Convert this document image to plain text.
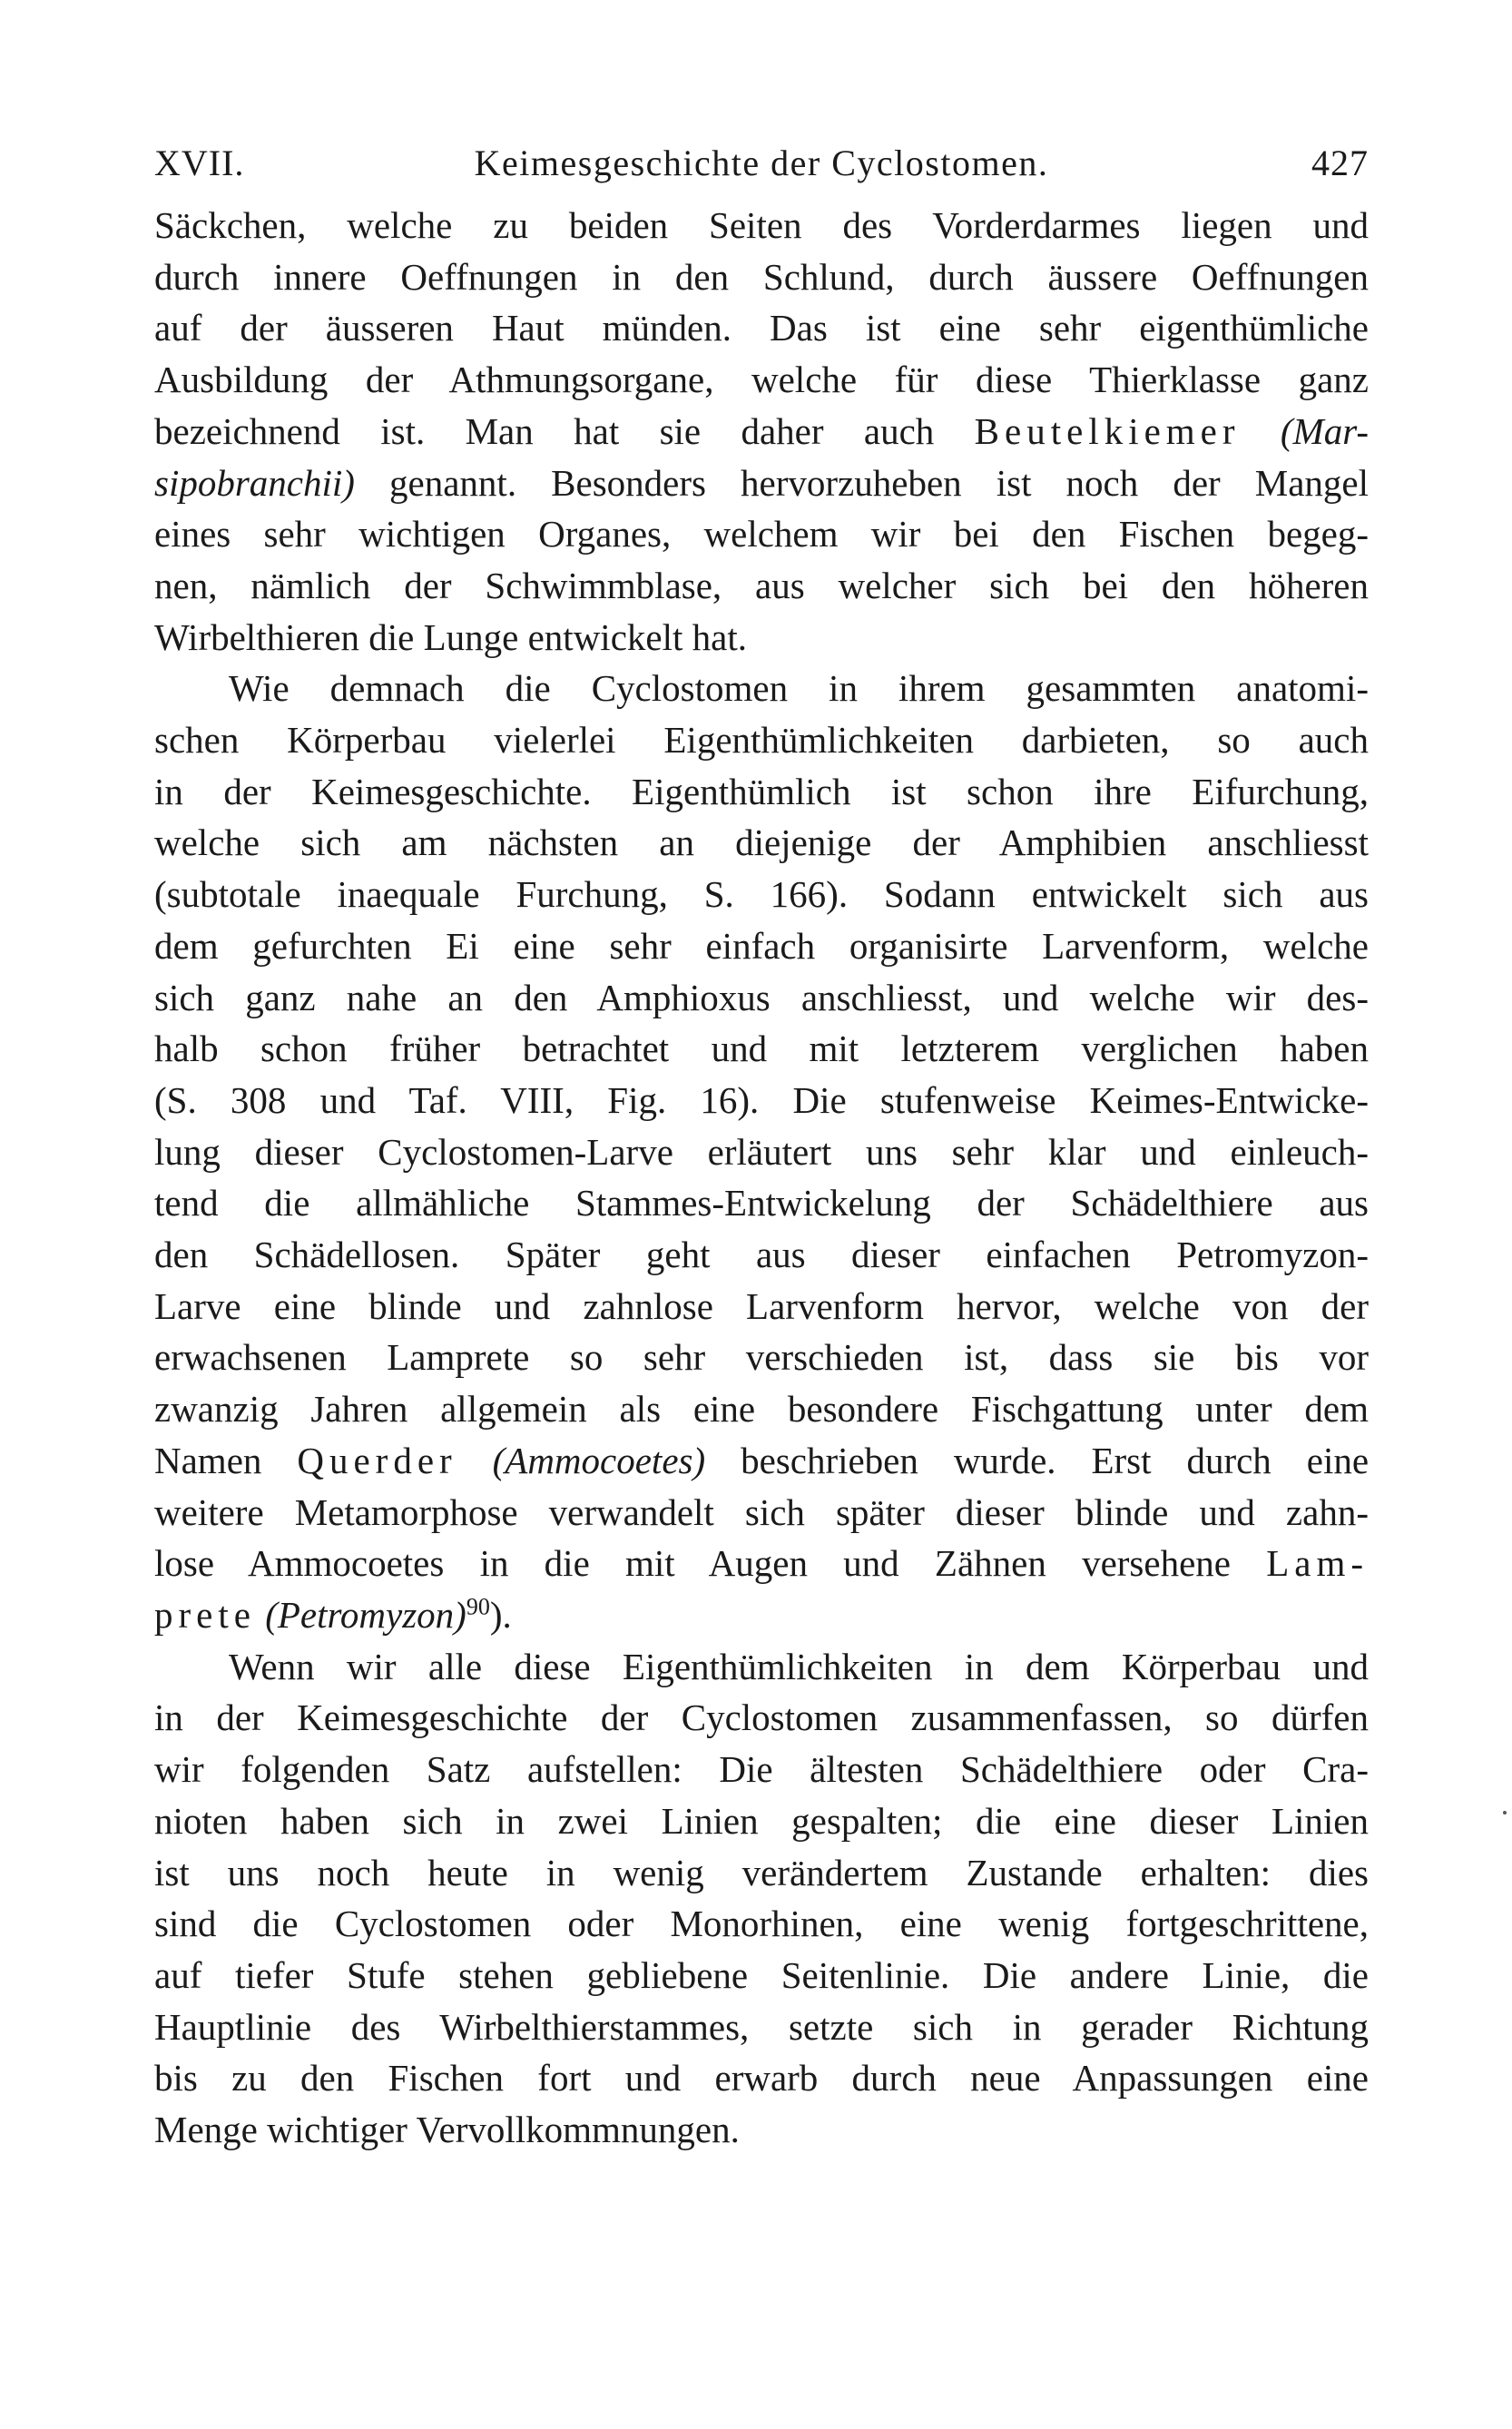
XVII.	Keimesgeschichte der Cyclostomen.	427

Säckchen, welche zu beiden Seiten des Vorderdarmes liegen und
durch innere Oeffnungen in den Schlund, durch äussere Oeffnungen
auf der äusseren Haut münden. Das ist eine sehr eigenthümliche
Ausbildung der Athmungsorgane, welche für diese Thierklasse ganz
bezeichnend ist. Man hat sie daher auch Beutelkiemer (Mar-
sipobranchii) genannt. Besonders hervorzuheben ist noch der Mangel
eines sehr wichtigen Organes, welchem wir bei den Fischen begeg-
nen, nämlich der Schwimmblase, aus welcher sich bei den höheren
Wirbelthieren die Lunge entwickelt hat.

Wie demnach die Cyclostomen in ihrem gesammten anatomi-
schen Körperbau vielerlei Eigenthümlichkeiten darbieten, so auch
in der Keimesgeschichte. Eigenthümlich ist schon ihre Eifurchung,
welche sich am nächsten an diejenige der Amphibien anschliesst
(subtotale inaequale Furchung, S. 166). Sodann entwickelt sich aus
dem gefurchten Ei eine sehr einfach organisirte Larvenform, welche
sich ganz nahe an den Amphioxus anschliesst, und welche wir des-
halb schon früher betrachtet und mit letzterem verglichen haben
(S. 308 und Taf. VIII, Fig. 16). Die stufenweise Keimes-Entwicke-
lung dieser Cyclostomen-Larve erläutert uns sehr klar und einleuch-
tend die allmähliche Stammes-Entwickelung der Schädelthiere aus
den Schädellosen. Später geht aus dieser einfachen Petromyzon-
Larve eine blinde und zahnlose Larvenform hervor, welche von der
erwachsenen Lamprete so sehr verschieden ist, dass sie bis vor
zwanzig Jahren allgemein als eine besondere Fischgattung unter dem
Namen Querder (Ammocoetes) beschrieben wurde. Erst durch eine
weitere Metamorphose verwandelt sich später dieser blinde und zahn-
lose Ammocoetes in die mit Augen und Zähnen versehene Lam-
prete (Petromyzon)$^{90}$).

Wenn wir alle diese Eigenthümlichkeiten in dem Körperbau und
in der Keimesgeschichte der Cyclostomen zusammenfassen, so dürfen
wir folgenden Satz aufstellen: Die ältesten Schädelthiere oder Cra-
nioten haben sich in zwei Linien gespalten; die eine dieser Linien
ist uns noch heute in wenig verändertem Zustande erhalten: dies
sind die Cyclostomen oder Monorhinen, eine wenig fortgeschrittene,
auf tiefer Stufe stehen gebliebene Seitenlinie. Die andere Linie, die
Hauptlinie des Wirbelthierstammes, setzte sich in gerader Richtung
bis zu den Fischen fort und erwarb durch neue Anpassungen eine
Menge wichtiger Vervollkommnungen.
